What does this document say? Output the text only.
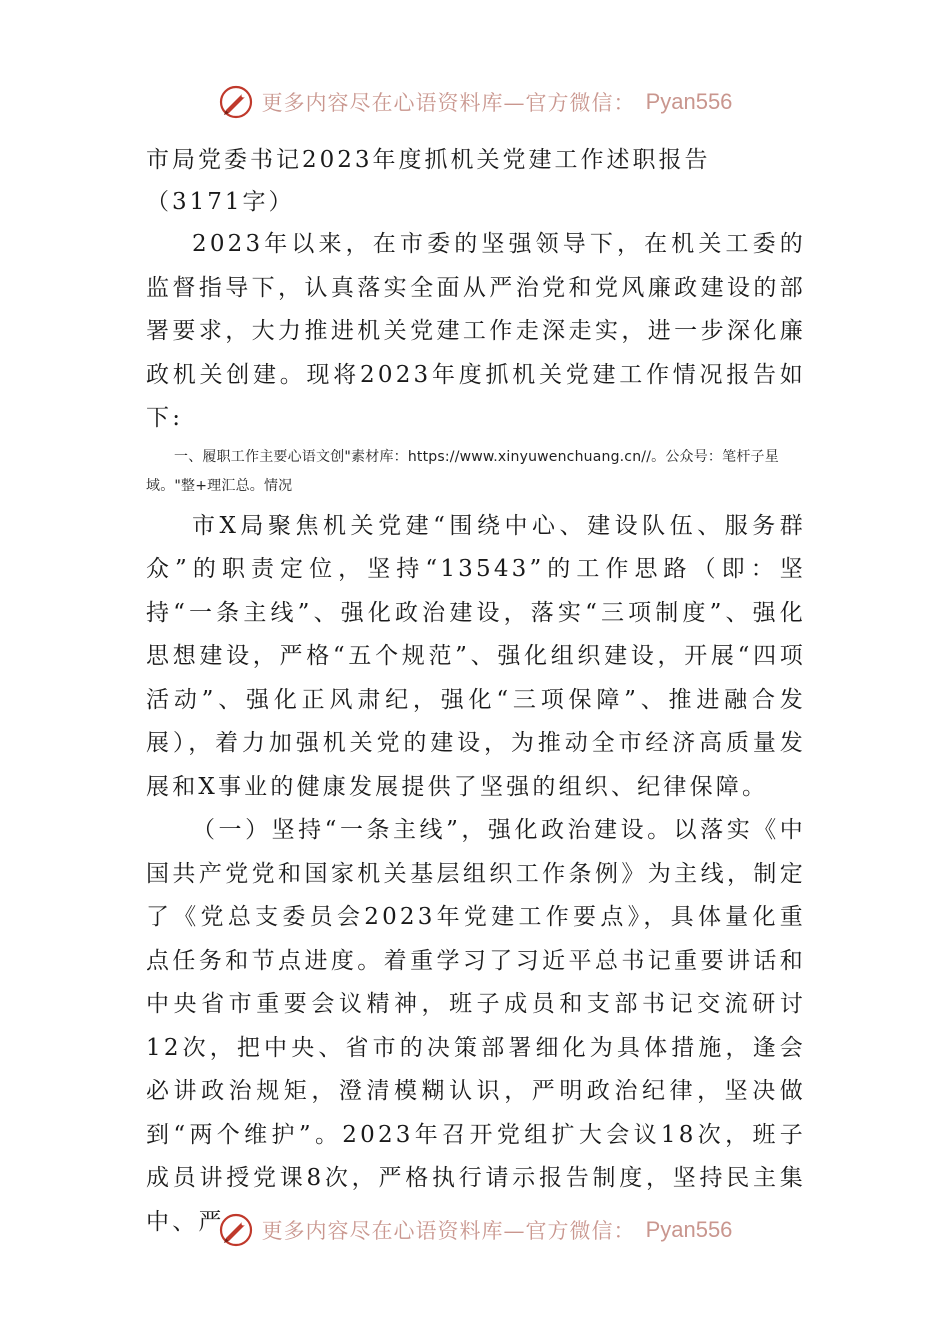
更多内容尽在心语资料库—官方微信： Pyan556
市局党委书记2023年度抓机关党建工作述职报告（3171字）

2023年以来，在市委的坚强领导下，在机关工委的监督指导下，认真落实全面从严治党和党风廉政建设的部署要求，大力推进机关党建工作走深走实，进一步深化廉政机关创建。现将2023年度抓机关党建工作情况报告如下:

一、履职工作主要心语文创"素材库：https://www.xinyuwenchuang.cn//。公众号：笔杆子星域。"整+理汇总。情况

市X局聚焦机关党建“围绕中心、建设队伍、服务群众”的职责定位，坚持“13543”的工作思路（即：坚持“一条主线”、强化政治建设，落实“三项制度”、强化思想建设，严格“五个规范”、强化组织建设，开展“四项活动”、强化正风肃纪，强化“三项保障”、推进融合发展），着力加强机关党的建设，为推动全市经济高质量发展和X事业的健康发展提供了坚强的组织、纪律保障。

（一）坚持“一条主线”，强化政治建设。以落实《中国共产党党和国家机关基层组织工作条例》为主线，制定了《党总支委员会2023年党建工作要点》，具体量化重点任务和节点进度。着重学习了习近平总书记重要讲话和中央省市重要会议精神，班子成员和支部书记交流研讨12次，把中央、省市的决策部署细化为具体措施，逢会必讲政治规矩，澄清模糊认识，严明政治纪律，坚决做到“两个维护”。2023年召开党组扩大会议18次，班子成员讲授党课8次，严格执行请示报告制度，坚持民主集中、严	更多内容尽在心语资料库—官方微信： Pyan556
